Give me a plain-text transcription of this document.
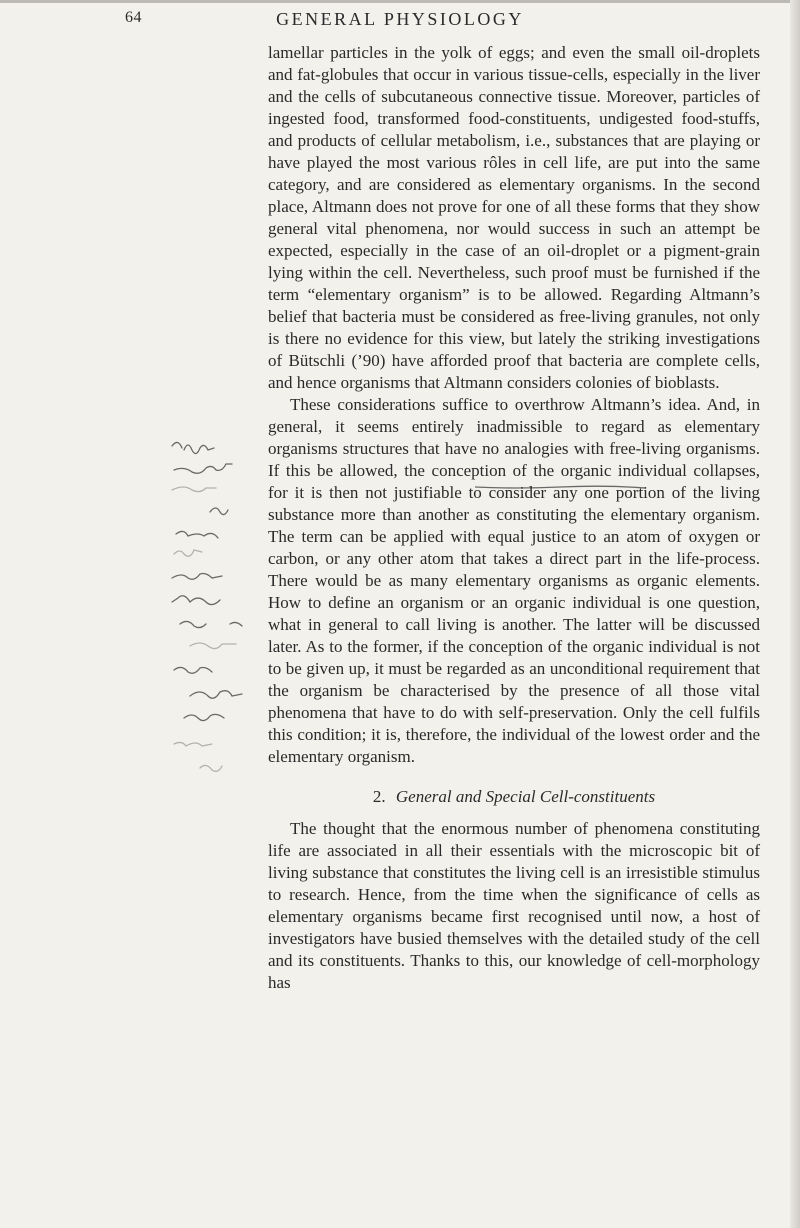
64	GENERAL PHYSIOLOGY

lamellar particles in the yolk of eggs; and even the small oil-droplets and fat-globules that occur in various tissue-cells, especially in the liver and the cells of subcutaneous connective tissue. Moreover, particles of ingested food, transformed food-constituents, undigested food-stuffs, and products of cellular metabolism, i.e., substances that are playing or have played the most various rôles in cell life, are put into the same category, and are considered as elementary organisms. In the second place, Altmann does not prove for one of all these forms that they show general vital phenomena, nor would success in such an attempt be expected, especially in the case of an oil-droplet or a pigment-grain lying within the cell. Nevertheless, such proof must be furnished if the term “elementary organism” is to be allowed. Regarding Altmann’s belief that bacteria must be considered as free-living granules, not only is there no evidence for this view, but lately the striking investigations of Bütschli (’90) have afforded proof that bacteria are complete cells, and hence organisms that Altmann considers colonies of bioblasts.

These considerations suffice to overthrow Altmann’s idea. And, in general, it seems entirely inadmissible to regard as elementary organisms structures that have no analogies with free-living organisms. If this be allowed, the conception of the organic individual collapses, for it is then not justifiable to consider any one portion of the living substance more than another as constituting the elementary organism. The term can be applied with equal justice to an atom of oxygen or carbon, or any other atom that takes a direct part in the life-process. There would be as many elementary organisms as organic elements. How to define an organism or an organic individual is one question, what in general to call living is another. The latter will be discussed later. As to the former, if the conception of the organic individual is not to be given up, it must be regarded as an unconditional requirement that the organism be characterised by the presence of all those vital phenomena that have to do with self-preservation. Only the cell fulfils this condition; it is, therefore, the individual of the lowest order and the elementary organism.

2. General and Special Cell-constituents

The thought that the enormous number of phenomena constituting life are associated in all their essentials with the microscopic bit of living substance that constitutes the living cell is an irresistible stimulus to research. Hence, from the time when the significance of cells as elementary organisms became first recognised until now, a host of investigators have busied themselves with the detailed study of the cell and its constituents. Thanks to this, our knowledge of cell-morphology has
